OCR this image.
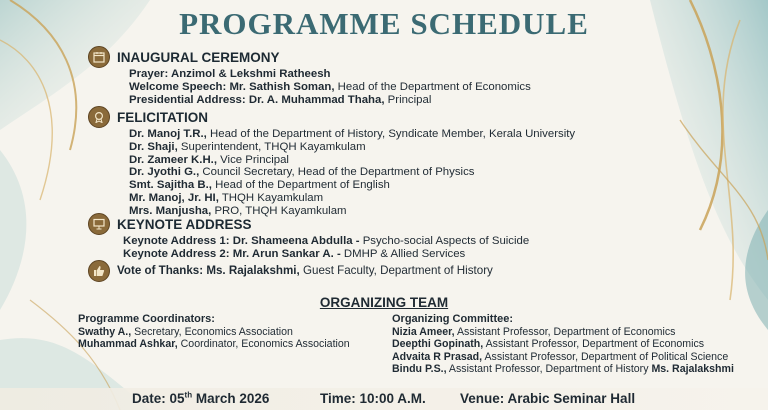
PROGRAMME SCHEDULE
INAUGURAL CEREMONY
Prayer: Anzimol & Lekshmi Ratheesh
Welcome Speech: Mr. Sathish Soman, Head of the Department of Economics
Presidential Address: Dr. A. Muhammad Thaha, Principal
FELICITATION
Dr. Manoj T.R., Head of the Department of History, Syndicate Member, Kerala University
Dr. Shaji, Superintendent, THQH Kayamkulam
Dr. Zameer K.H., Vice Principal
Dr. Jyothi G., Council Secretary, Head of the Department of Physics
Smt. Sajitha B., Head of the Department of English
Mr. Manoj, Jr. HI, THQH Kayamkulam
Mrs. Manjusha, PRO, THQH Kayamkulam
KEYNOTE ADDRESS
Keynote Address 1: Dr. Shameena Abdulla - Psycho-social Aspects of Suicide
Keynote Address 2: Mr. Arun Sankar A. - DMHP & Allied Services
Vote of Thanks: Ms. Rajalakshmi, Guest Faculty, Department of History
ORGANIZING TEAM
Programme Coordinators:
Swathy A., Secretary, Economics Association
Muhammad Ashkar, Coordinator, Economics Association
Organizing Committee:
Nizia Ameer, Assistant Professor, Department of Economics
Deepthi Gopinath, Assistant Professor, Department of Economics
Advaita R Prasad, Assistant Professor, Department of Political Science
Bindu P.S., Assistant Professor, Department of History Ms. Rajalakshmi
Date: 05th March 2026	Time: 10:00 A.M.	Venue: Arabic Seminar Hall
